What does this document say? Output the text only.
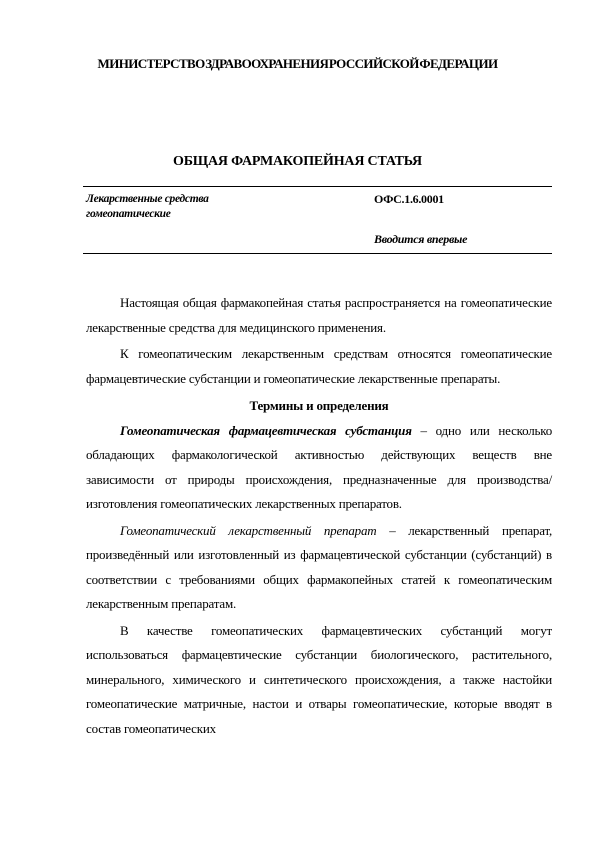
МИНИСТЕРСТВО ЗДРАВООХРАНЕНИЯ РОССИЙСКОЙ ФЕДЕРАЦИИ
ОБЩАЯ ФАРМАКОПЕЙНАЯ СТАТЬЯ
Лекарственные средства
гомеопатические
ОФС.1.6.0001
Вводится впервые

Настоящая общая фармакопейная статья распространяется на гомеопатические лекарственные средства для медицинского применения.

К гомеопатическим лекарственным средствам относятся гомеопатические фармацевтические субстанции и гомеопатические лекарственные препараты.

Термины и определения

Гомеопатическая фармацевтическая субстанция – одно или несколько обладающих фармакологической активностью действующих веществ вне зависимости от природы происхождения, предназначенные для производства/изготовления гомеопатических лекарственных препаратов.

Гомеопатический лекарственный препарат – лекарственный препарат, произведённый или изготовленный из фармацевтической субстанции (субстанций) в соответствии с требованиями общих фармакопейных статей к гомеопатическим лекарственным препаратам.

В качестве гомеопатических фармацевтических субстанций могут использоваться фармацевтические субстанции биологического, растительного, минерального, химического и синтетического происхождения, а также настойки гомеопатические матричные, настои и отвары гомеопатические, которые вводят в состав гомеопатических
